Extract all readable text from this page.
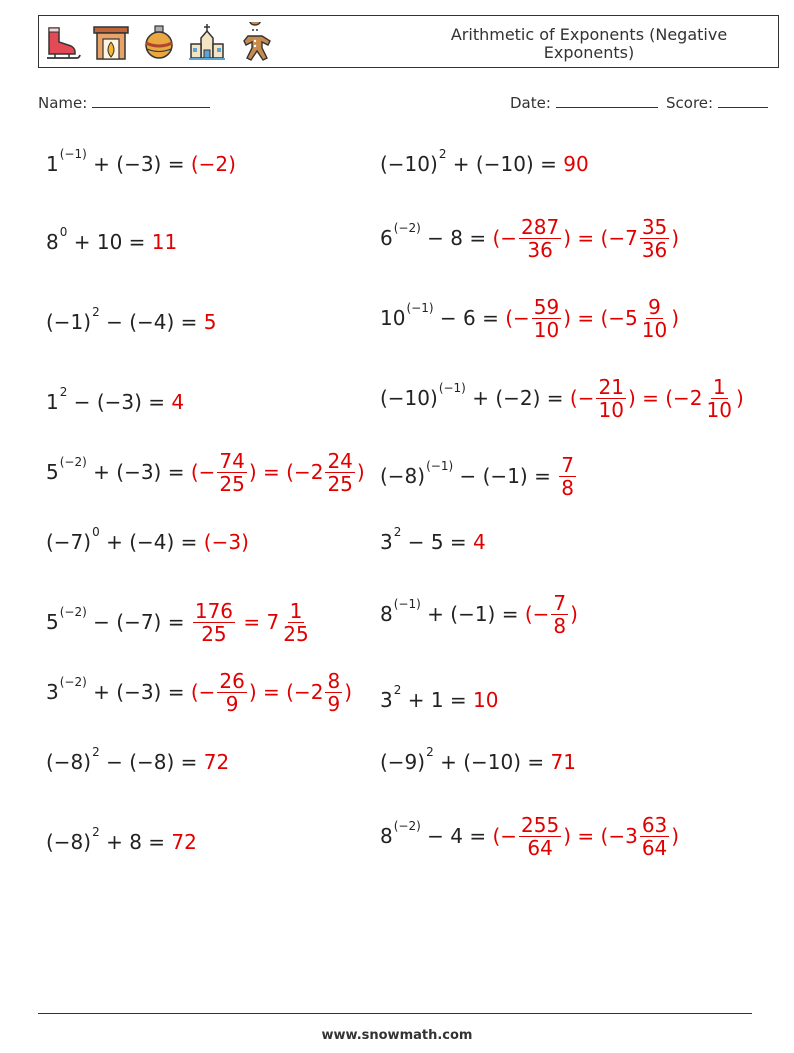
Arithmetic of Exponents (Negative Exponents)
Name:	Date:	Score:
$1^{(-1)} + (-3) = (-2)$
$8^0 + 10 = 11$
$(-1)^2 - (-4) = 5$
$1^2 - (-3) = 4$
$5^{(-2)} + (-3)$ = (− $\frac{74}{25}$ ) = ($-2 \frac{24}{25}$ )
$(-7)^0 + (-4) = (-3)$
$5^{(-2)} - (-7) = \frac{176}{25} = 7 \frac{1}{25}$
$3^{(-2)} + (-3)$ = (− $\frac{26}{9}$ ) = ($-2 \frac{8}{9}$ )
$(-8)^2 - (-8) = 72$
$(-8)^2 + 8 = 72$
$(-10)^2 + (-10) = 90$
$6^{(-2)} - 8$ = (− $\frac{287}{36}$ ) = ($-7 \frac{35}{36}$ )
$10^{(-1)} - 6$ = (− $\frac{59}{10}$ ) = ($-5 \frac{9}{10}$ )
$(-10)^{(-1)} + (-2)$ = (− $\frac{21}{10}$ ) = ($-2 \frac{1}{10}$ )
$(-8)^{(-1)} - (-1) = \frac{7}{8}$
$3^2 - 5 = 4$
$8^{(-1)} + (-1)$ = (− $\frac{7}{8}$ )
$3^2 + 1 = 10$
$(-9)^2 + (-10) = 71$
$8^{(-2)} - 4$ = (− $\frac{255}{64}$ ) = ($-3 \frac{63}{64}$ )
www.snowmath.com
